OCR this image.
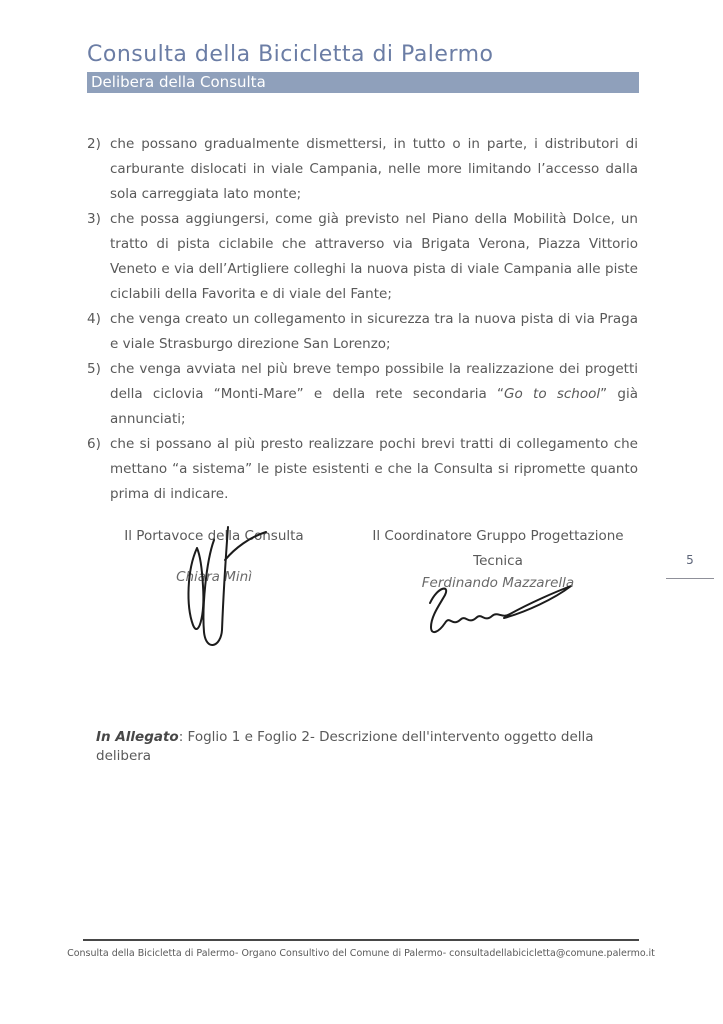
Consulta della Bicicletta di Palermo
Delibera della Consulta
2) che possano gradualmente dismettersi, in tutto o in parte, i distributori di carburante dislocati in viale Campania, nelle more limitando l’accesso dalla sola carreggiata lato monte;

3) che possa aggiungersi, come già previsto nel Piano della Mobilità Dolce, un tratto di pista ciclabile che attraverso via Brigata Verona, Piazza Vittorio Veneto e via dell’Artigliere colleghi la nuova pista di viale Campania alle piste ciclabili della Favorita e di viale del Fante;

4) che venga creato un collegamento in sicurezza tra la nuova pista di via Praga e viale Strasburgo direzione San Lorenzo;

5) che venga avviata nel più breve tempo possibile la realizzazione dei progetti della ciclovia “Monti-Mare” e della rete secondaria “Go to school” già annunciati;

6) che si possano al più presto realizzare pochi brevi tratti di collegamento che mettano “a sistema” le piste esistenti e che la Consulta si ripromette quanto prima di indicare.

Il Portavoce della Consulta	Il Coordinatore Gruppo Progettazione
Tecnica
Chiara Minì	Ferdinando Mazzarella
5
In Allegato: Foglio 1 e Foglio 2- Descrizione dell'intervento oggetto della delibera
Consulta della Bicicletta di Palermo- Organo Consultivo del Comune di Palermo- consultadellabicicletta@comune.palermo.it
